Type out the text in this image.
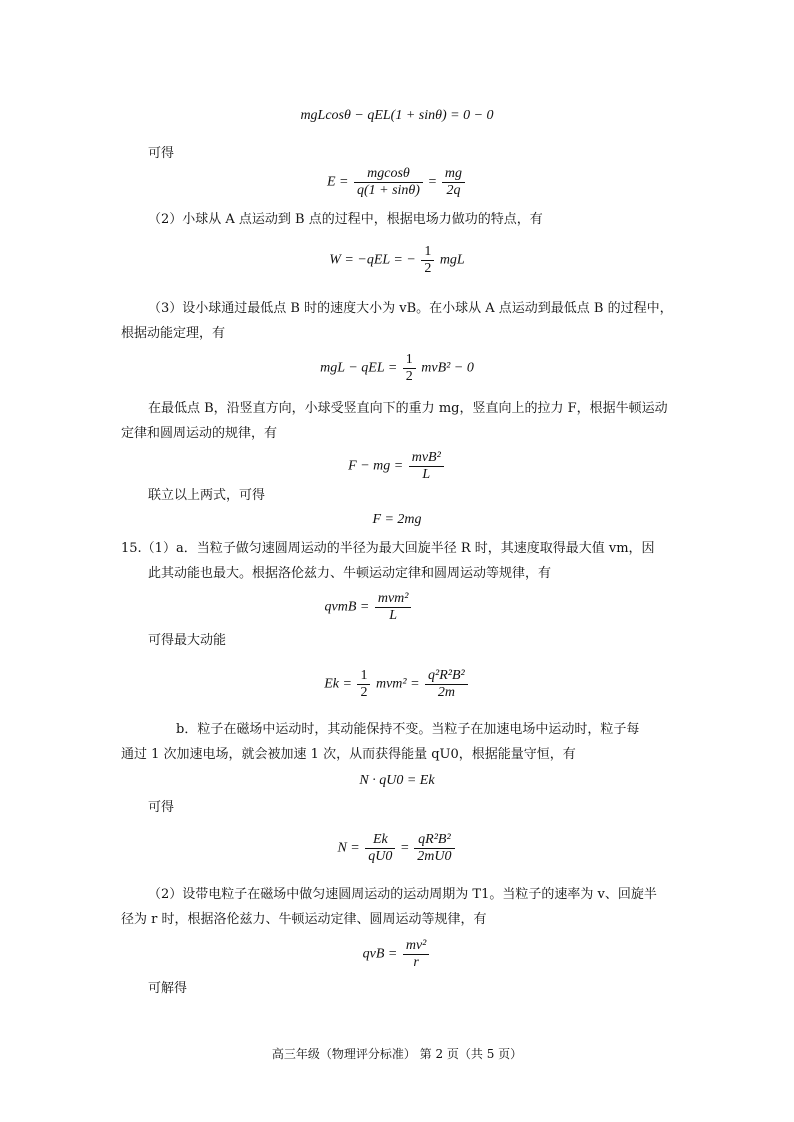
mgLcosθ − qEL(1 + sinθ) = 0 − 0
可得
$E = \frac{mgcos\theta}{q(1 + \sin\theta)} = \frac{mg}{2q}$
（2）小球从 A 点运动到 B 点的过程中，根据电场力做功的特点，有
W = −qEL = − $\frac{1}{2}$ mgL
（3）设小球通过最低点 B 时的速度大小为 vB。在小球从 A 点运动到最低点 B 的过程中，
根据动能定理，有
mgL − qEL = $\frac{1}{2} mvB^2 - 0$
在最低点 B，沿竖直方向，小球受竖直向下的重力 mg，竖直向上的拉力 F，根据牛顿运动
定律和圆周运动的规律，有
F − mg = $\frac{\text{mvB²}}{L}$
联立以上两式，可得
F = 2mg
15.（1）a．当粒子做匀速圆周运动的半径为最大回旋半径 R 时，其速度取得最大值 vm，因
此其动能也最大。根据洛伦兹力、牛顿运动定律和圆周运动等规律，有
qvmB = $\frac{\text{mvm²}}{L}$
可得最大动能
$Ek = \frac{1}{2} mvm^2 = \frac{\text{q²R²B²}}{2m}$
b．粒子在磁场中运动时，其动能保持不变。当粒子在加速电场中运动时，粒子每
通过 1 次加速电场，就会被加速 1 次，从而获得能量 qU0，根据能量守恒，有
N · qU0 = Ek
可得
$N = \frac{Ek}{qU0} = \frac{\text{qR²B²}}{2mU0}$
（2）设带电粒子在磁场中做匀速圆周运动的运动周期为 T1。当粒子的速率为 v、回旋半
径为 r 时，根据洛伦兹力、牛顿运动定律、圆周运动等规律，有
qvB = $\frac{\text{mv²}}{r}$
可解得
高三年级（物理评分标准） 第 2 页（共 5 页）
